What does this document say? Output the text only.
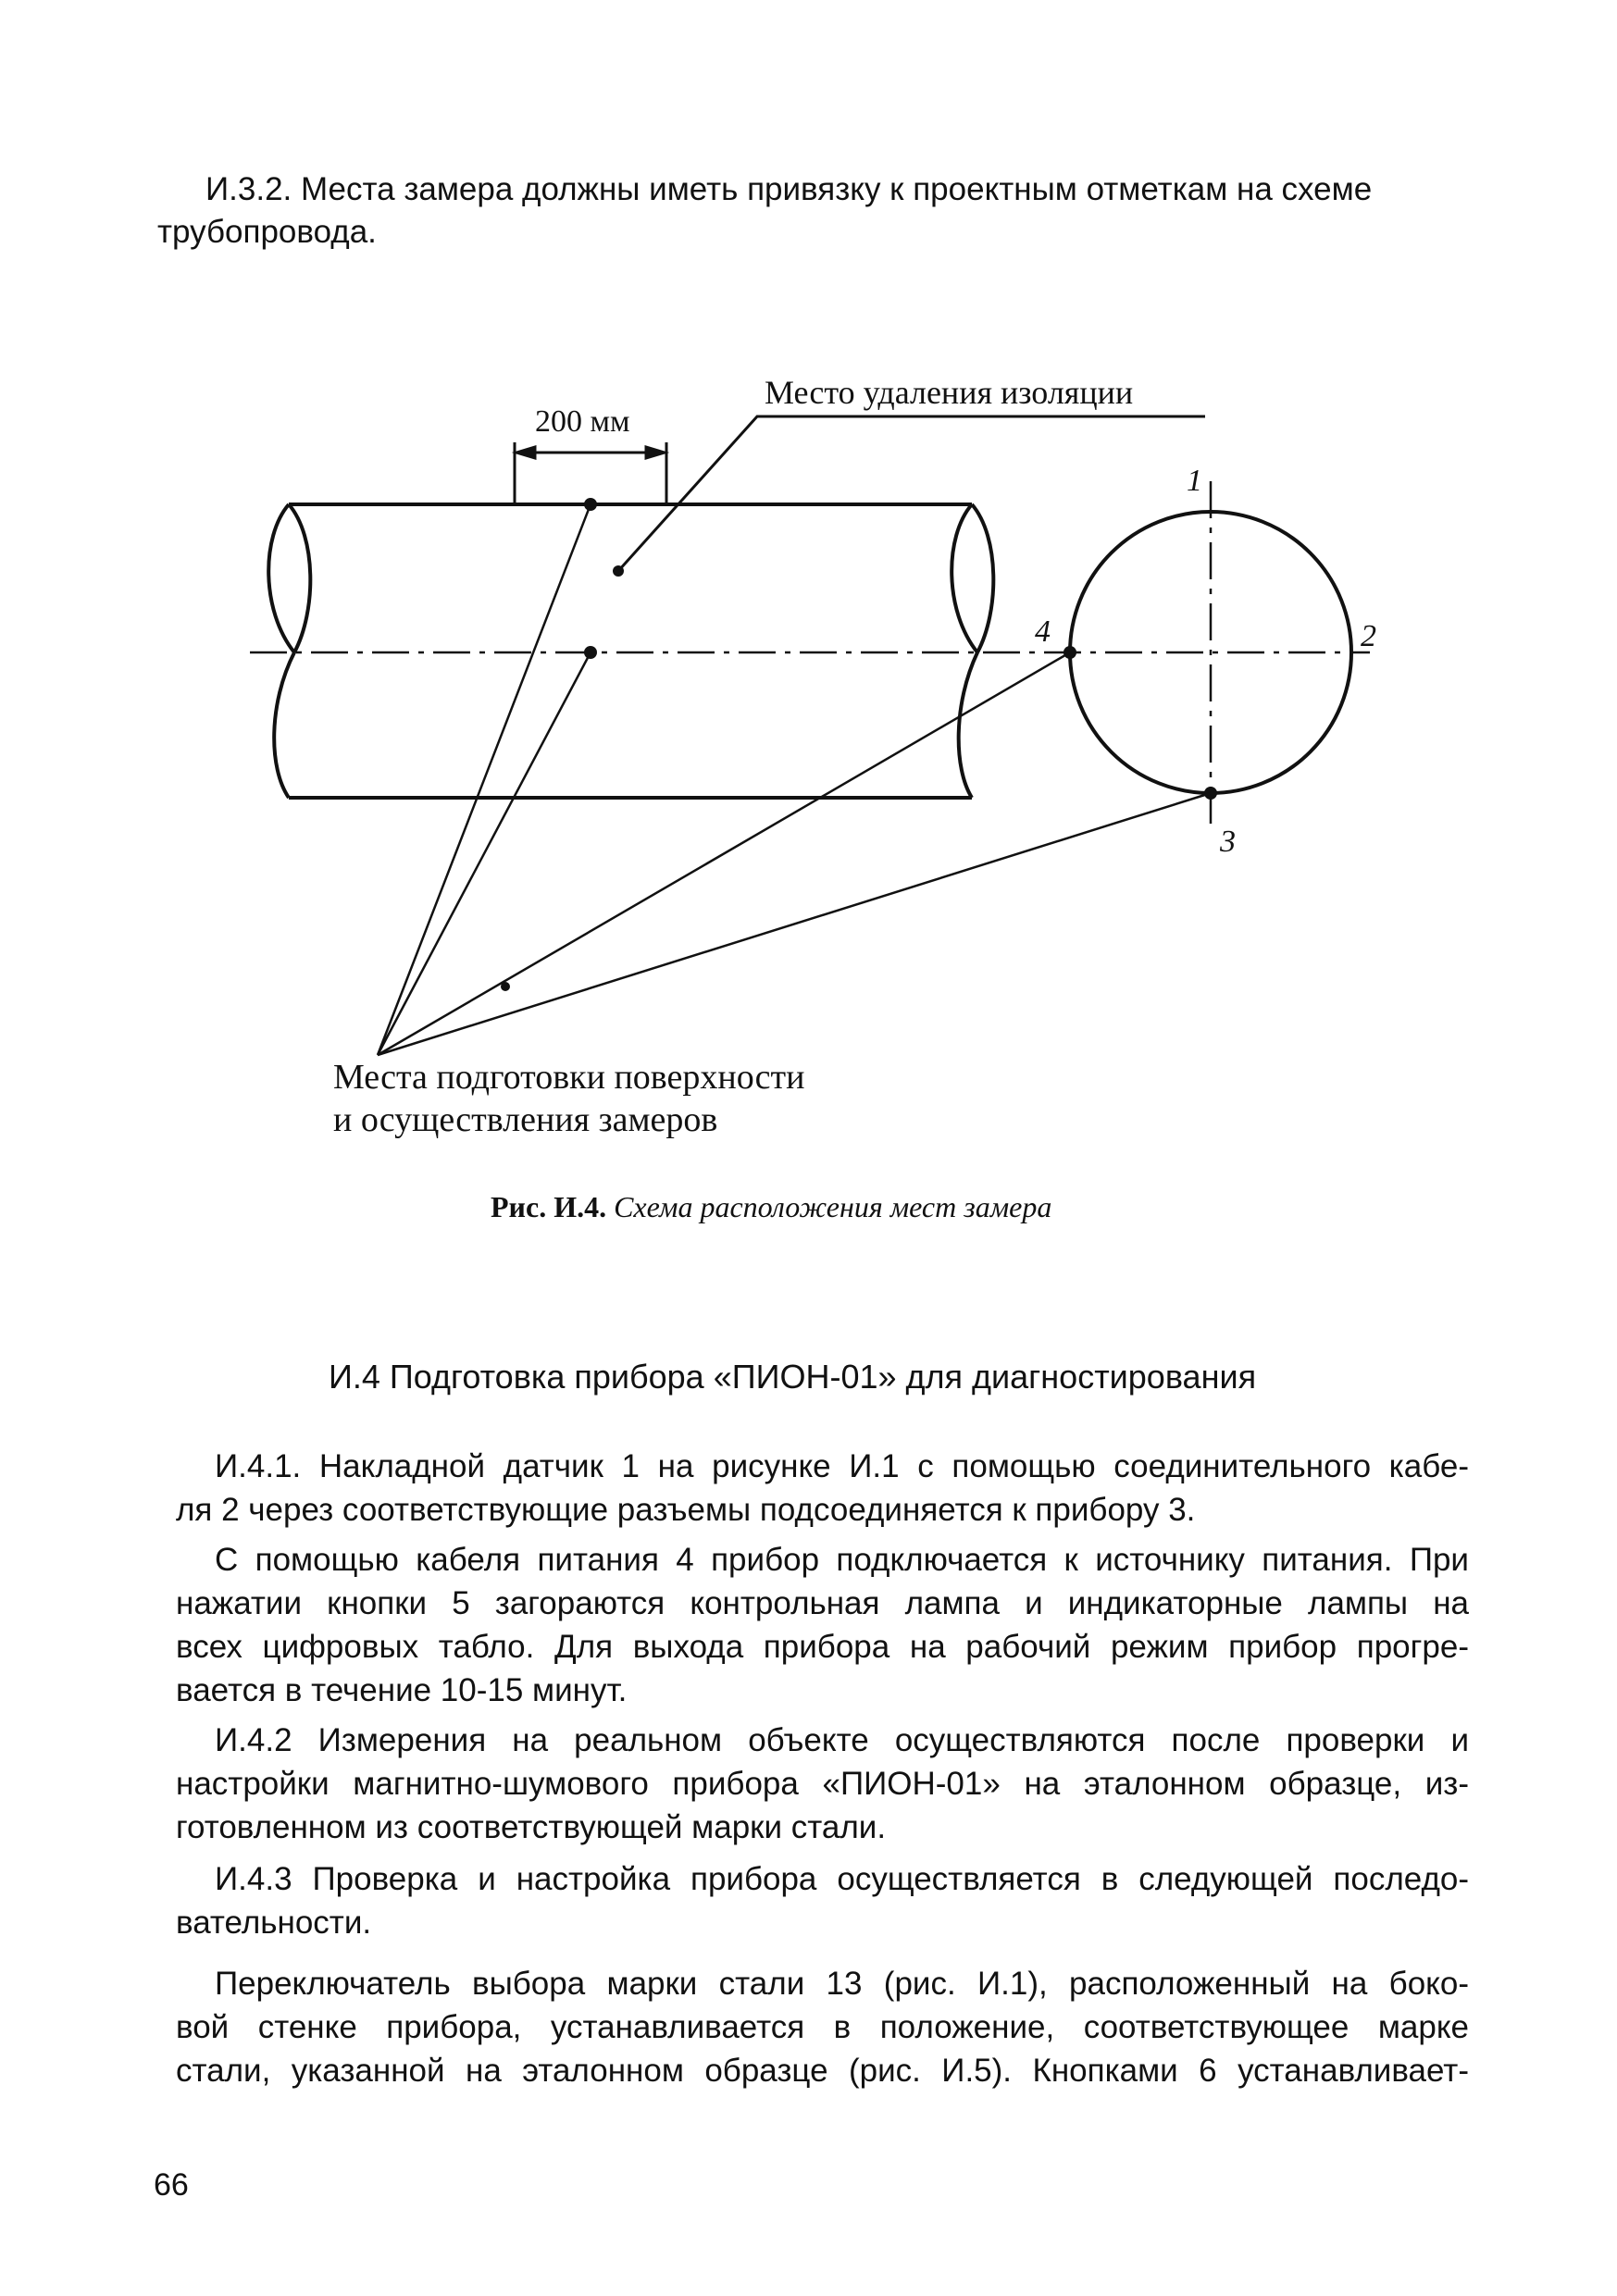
И.3.2. Места замера должны иметь привязку к проектным отметкам на схеме
трубопровода.
200 мм
Место удаления изоляции
1
2
3
4
Места подготовки поверхности
и осуществления замеров
Рис. И.4. Схема расположения мест замера
И.4 Подготовка прибора «ПИОН-01» для диагностирования
И.4.1. Накладной датчик 1 на рисунке И.1 с помощью соединительного кабе-
ля 2 через соответствующие разъемы подсоединяется к прибору 3.
С помощью кабеля питания 4 прибор подключается к источнику питания. При
нажатии кнопки 5 загораются контрольная лампа и индикаторные лампы на
всех цифровых табло. Для выхода прибора на рабочий режим прибор прогре-
вается в течение 10-15 минут.
И.4.2 Измерения на реальном объекте осуществляются после проверки и
настройки магнитно-шумового прибора «ПИОН-01» на эталонном образце, из-
готовленном из соответствующей марки стали.
И.4.3 Проверка и настройка прибора осуществляется в следующей последо-
вательности.
Переключатель выбора марки стали 13 (рис. И.1), расположенный на боко-
вой стенке прибора, устанавливается в положение, соответствующее марке
стали, указанной на эталонном образце (рис. И.5). Кнопками 6 устанавливает-
66
